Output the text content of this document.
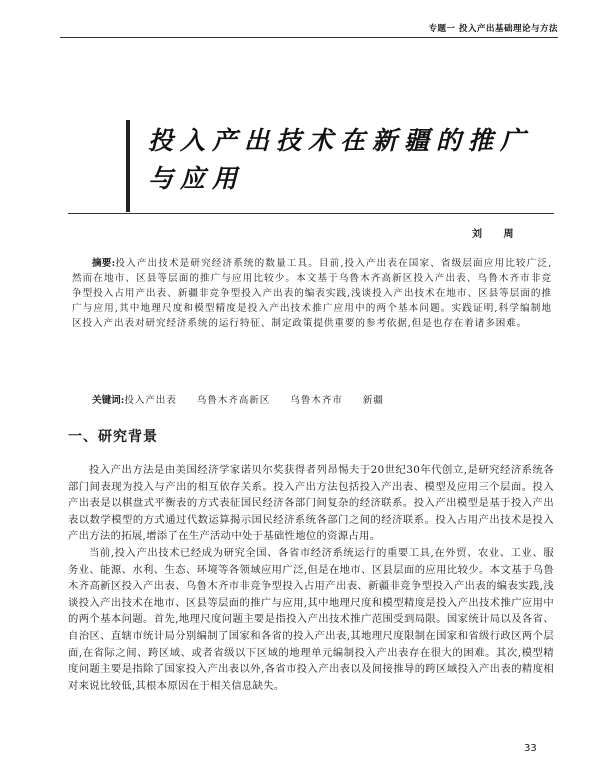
专题一 投入产出基础理论与方法
投入产出技术在新疆的推广与应用
刘 周

摘要:投入产出技术是研究经济系统的数量工具。目前,投入产出表在国家、省级层面应用比较广泛,然而在地市、区县等层面的推广与应用比较少。本文基于乌鲁木齐高新区投入产出表、乌鲁木齐市非竞争型投入占用产出表、新疆非竞争型投入产出表的编表实践,浅谈投入产出技术在地市、区县等层面的推广与应用,其中地理尺度和模型精度是投入产出技术推广应用中的两个基本问题。实践证明,科学编制地区投入产出表对研究经济系统的运行特征、制定政策提供重要的参考依据,但是也存在着诸多困难。

关键词:投入产出表 乌鲁木齐高新区 乌鲁木齐市 新疆

一、研究背景

投入产出方法是由美国经济学家诺贝尔奖获得者列昂惕夫于20世纪30年代创立,是研究经济系统各部门间表现为投入与产出的相互依存关系。投入产出方法包括投入产出表、模型及应用三个层面。投入产出表是以棋盘式平衡表的方式表征国民经济各部门间复杂的经济联系。投入产出模型是基于投入产出表以数学模型的方式通过代数运算揭示国民经济系统各部门之间的经济联系。投入占用产出技术是投入产出方法的拓展,增添了在生产活动中处于基础性地位的资源占用。

当前,投入产出技术已经成为研究全国、各省市经济系统运行的重要工具,在外贸、农业、工业、服务业、能源、水利、生态、环境等各领域应用广泛,但是在地市、区县层面的应用比较少。本文基于乌鲁木齐高新区投入产出表、乌鲁木齐市非竞争型投入占用产出表、新疆非竞争型投入产出表的编表实践,浅谈投入产出技术在地市、区县等层面的推广与应用,其中地理尺度和模型精度是投入产出技术推广应用中的两个基本问题。首先,地理尺度问题主要是指投入产出技术推广范围受到局限。国家统计局以及各省、自治区、直辖市统计局分别编制了国家和各省的投入产出表,其地理尺度限制在国家和省级行政区两个层面,在省际之间、跨区域、或者省级以下区域的地理单元编制投入产出表存在很大的困难。其次,模型精度问题主要是指除了国家投入产出表以外,各省市投入产出表以及间接推导的跨区域投入产出表的精度相对来说比较低,其根本原因在于相关信息缺失。

33
